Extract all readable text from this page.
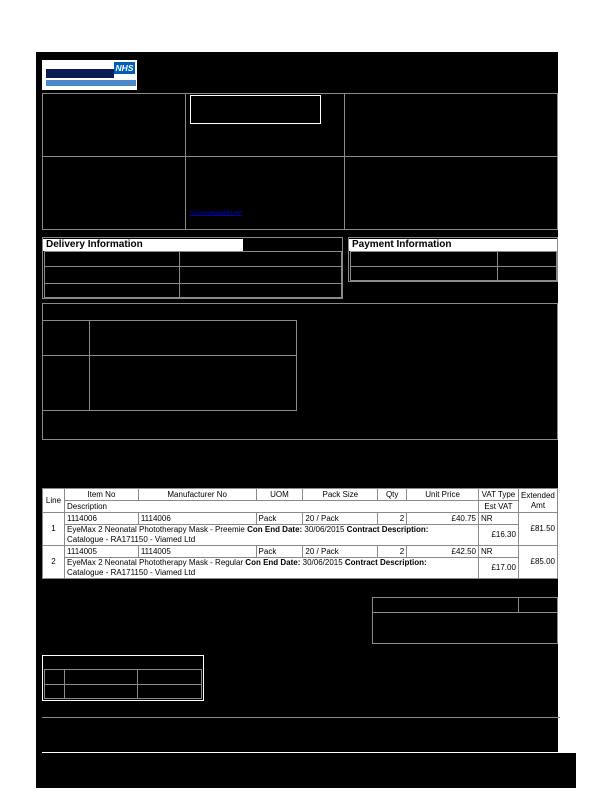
NHS
r.moneykeys@tpi.net
Delivery Information	Payment Information
Line	Item No	Manufacturer No	UOM	Pack Size	Qty	Unit Price	VAT Type	Extended Amt
	Description						Est VAT	
1	1114006	1114006	Pack	20 / Pack	2	£40.75	NR	£81.50
	EyeMax 2 Neonatal Phototherapy Mask - Preemie Con End Date: 30/06/2015 Contract Description:
Catalogue - RA171150 - Viamed Ltd						£16.30	
2	1114005	1114005	Pack	20 / Pack	2	£42.50	NR	£85.00
	EyeMax 2 Neonatal Phototherapy Mask - Regular Con End Date: 30/06/2015 Contract Description:
Catalogue - RA171150 - Viamed Ltd						£17.00	
